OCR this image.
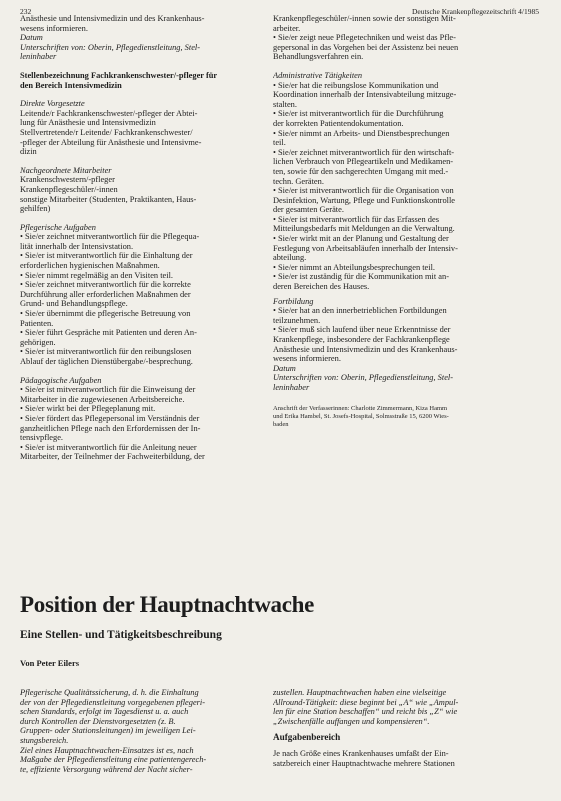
232	Deutsche Krankenpflegezeitschrift 4/1985
Anästhesie und Intensivmedizin und des Krankenhaus-
wesens informieren.
Datum
Unterschriften von: Oberin, Pflegedienstleitung, Stel-
leninhaber
Stellenbezeichnung Fachkrankenschwester/-pfleger für
den Bereich Intensivmedizin
Direkte Vorgesetzte
Leitende/r Fachkrankenschwester/-pfleger der Abtei-
lung für Anästhesie und Intensivmedizin
Stellvertretende/r Leitende/ Fachkrankenschwester/
-pfleger der Abteilung für Anästhesie und Intensivme-
dizin
Nachgeordnete Mitarbeiter
Krankenschwestern/-pfleger
Krankenpflegeschüler/-innen
sonstige Mitarbeiter (Studenten, Praktikanten, Haus-
gehilfen)
Pflegerische Aufgaben
• Sie/er zeichnet mitverantwortlich für die Pflegequa-
lität innerhalb der Intensivstation.
• Sie/er ist mitverantwortlich für die Einhaltung der
erforderlichen hygienischen Maßnahmen.
• Sie/er nimmt regelmäßig an den Visiten teil.
• Sie/er zeichnet mitverantwortlich für die korrekte
Durchführung aller erforderlichen Maßnahmen der
Grund- und Behandlungspflege.
• Sie/er übernimmt die pflegerische Betreuung von
Patienten.
• Sie/er führt Gespräche mit Patienten und deren An-
gehörigen.
• Sie/er ist mitverantwortlich für den reibungslosen
Ablauf der täglichen Dienstübergabe/-besprechung.
Pädagogische Aufgaben
• Sie/er ist mitverantwortlich für die Einweisung der
Mitarbeiter in die zugewiesenen Arbeitsbereiche.
• Sie/er wirkt bei der Pflegeplanung mit.
• Sie/er fördert das Pflegepersonal im Verständnis der
ganzheitlichen Pflege nach den Erfordernissen der In-
tensivpflege.
• Sie/er ist mitverantwortlich für die Anleitung neuer
Mitarbeiter, der Teilnehmer der Fachweiterbildung, der
Krankenpflegeschüler/-innen sowie der sonstigen Mit-
arbeiter.
• Sie/er zeigt neue Pflegetechniken und weist das Pfle-
gepersonal in das Vorgehen bei der Assistenz bei neuen
Behandlungsverfahren ein.
Administrative Tätigkeiten
• Sie/er hat die reibungslose Kommunikation und
Koordination innerhalb der Intensivabteilung mitzuge-
stalten.
• Sie/er ist mitverantwortlich für die Durchführung
der korrekten Patientendokumentation.
• Sie/er nimmt an Arbeits- und Dienstbesprechungen
teil.
• Sie/er zeichnet mitverantwortlich für den wirtschaft-
lichen Verbrauch von Pflegeartikeln und Medikamen-
ten, sowie für den sachgerechten Umgang mit med.-
techn. Geräten.
• Sie/er ist mitverantwortlich für die Organisation von
Desinfektion, Wartung, Pflege und Funktionskontrolle
der gesamten Geräte.
• Sie/er ist mitverantwortlich für das Erfassen des
Mitteilungsbedarfs mit Meldungen an die Verwaltung.
• Sie/er wirkt mit an der Planung und Gestaltung der
Festlegung von Arbeitsabläufen innerhalb der Intensiv-
abteilung.
• Sie/er nimmt an Abteilungsbesprechungen teil.
• Sie/er ist zuständig für die Kommunikation mit an-
deren Bereichen des Hauses.
Fortbildung
• Sie/er hat an den innerbetrieblichen Fortbildungen
teilzunehmen.
• Sie/er muß sich laufend über neue Erkenntnisse der
Krankenpflege, insbesondere der Fachkrankenpflege
Anästhesie und Intensivmedizin und des Krankenhaus-
wesens informieren.
Datum
Unterschriften von: Oberin, Pflegedienstleitung, Stel-
leninhaber
Anschrift der Verfasserinnen: Charlotte Zimmermann, Kiza Hamm
und Erika Hambel, St. Josefs-Hospital, Solmsstraße 15, 6200 Wies-
baden
Position der Hauptnachtwache
Eine Stellen- und Tätigkeitsbeschreibung
Von Peter Eilers
Pflegerische Qualitätssicherung, d. h. die Einhaltung
der von der Pflegedienstleitung vorgegebenen pflegeri-
schen Standards, erfolgt im Tagesdienst u. a. auch
durch Kontrollen der Dienstvorgesetzten (z. B.
Gruppen- oder Stationsleitungen) im jeweiligen Lei-
stungsbereich.
Ziel eines Hauptnachtwachen-Einsatzes ist es, nach
Maßgabe der Pflegedienstleitung eine patientengerech-
te, effiziente Versorgung während der Nacht sicher-
zustellen. Hauptnachtwachen haben eine vielseitige
Allround-Tätigkeit: diese beginnt bei „A“ wie „Ampul-
len für eine Station beschaffen“ und reicht bis „Z“ wie
„Zwischenfälle auffangen und kompensieren“.
Aufgabenbereich
Je nach Größe eines Krankenhauses umfaßt der Ein-
satzbereich einer Hauptnachtwache mehrere Stationen
